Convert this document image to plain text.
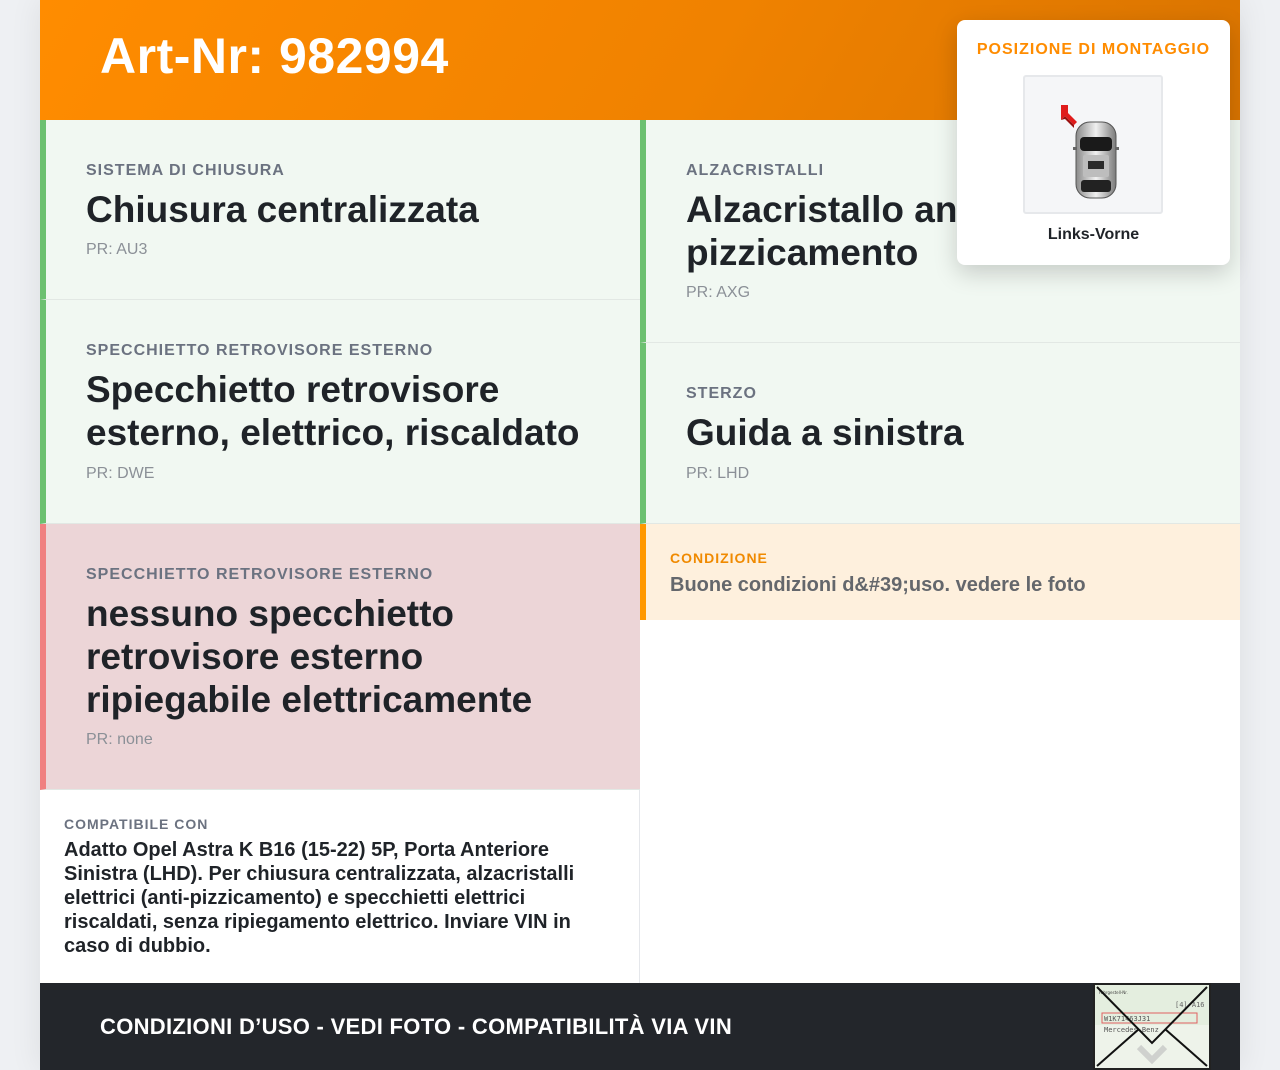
Art-Nr: 982994
SISTEMA DI CHIUSURA
Chiusura centralizzata
PR: AU3
ALZACRISTALLI
Alzacristallo an
pizzicamento
PR: AXG
SPECCHIETTO RETROVISORE ESTERNO
Specchietto retrovisore
esterno, elettrico, riscaldato
PR: DWE
STERZO
Guida a sinistra
PR: LHD
SPECCHIETTO RETROVISORE ESTERNO
nessuno specchietto
retrovisore esterno
ripiegabile elettricamente
PR: none
CONDIZIONE
Buone condizioni d&#39;uso. vedere le foto
COMPATIBILE CON
Adatto Opel Astra K B16 (15-22) 5P, Porta Anteriore Sinistra (LHD). Per chiusura centralizzata, alzacristalli elettrici (anti-pizzicamento) e specchietti elettrici riscaldati, senza ripiegamento elettrico. Inviare VIN in caso di dubbio.
CONDIZIONI D’USO - VEDI FOTO - COMPATIBILITÀ VIA VIN
Fahrgestell-Nr.
[4] A16
W1K71463J31
Mercedes-Benz
POSIZIONE DI MONTAGGIO
Links-Vorne
